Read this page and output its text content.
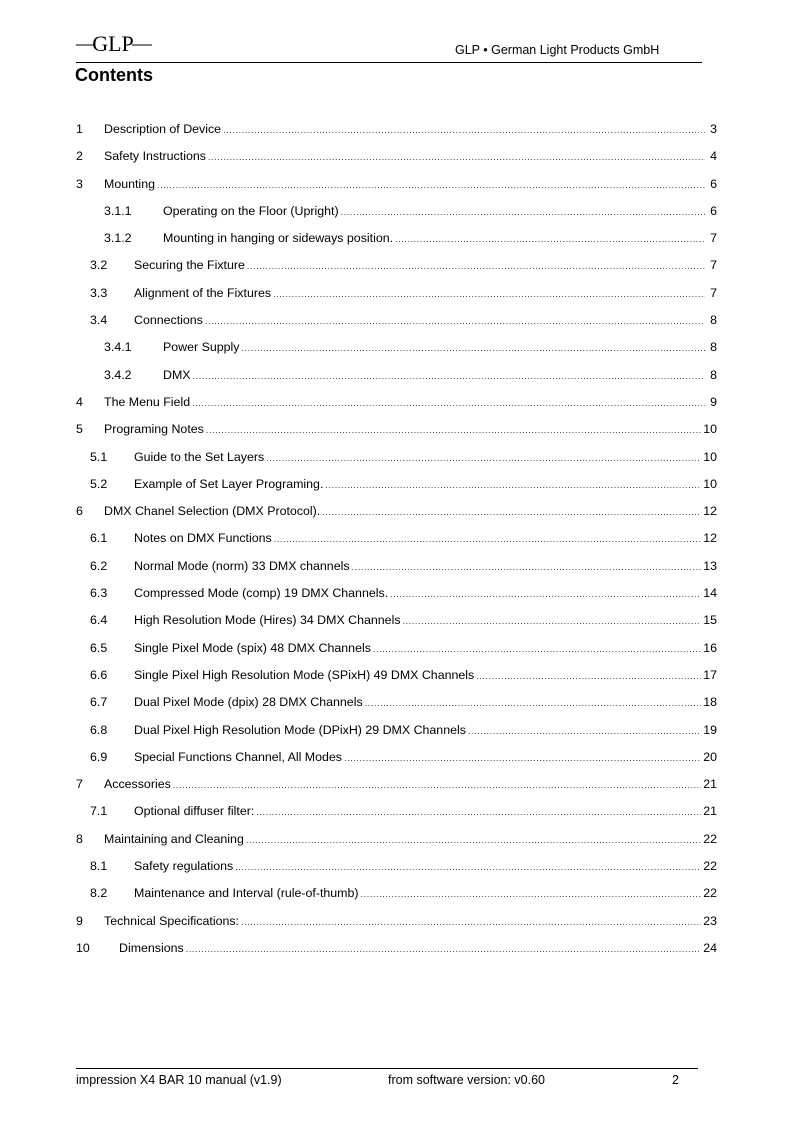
GLP	GLP • German Light Products GmbH
Contents
1 Description of Device .....	3
2 Safety Instructions .....	4
3 Mounting .....	6
3.1.1	Operating on the Floor (Upright) .....	6
3.1.2	Mounting in hanging or sideways position. .....	7
3.2 Securing the Fixture .....	7
3.3 Alignment of the Fixtures .....	7
3.4 Connections .....	8
3.4.1	Power Supply .....	8
3.4.2	DMX .....	8
4 The Menu Field .....	9
5 Programing Notes .....	10
5.1 Guide to the Set Layers .....	10
5.2 Example of Set Layer Programing. .....	10
6 DMX Chanel Selection (DMX Protocol). .....	12
6.1 Notes on DMX Functions .....	12
6.2 Normal Mode (norm) 33 DMX channels .....	13
6.3 Compressed Mode (comp) 19 DMX Channels. .....	14
6.4 High Resolution Mode (Hires) 34 DMX Channels .....	15
6.5 Single Pixel Mode (spix) 48 DMX Channels .....	16
6.6 Single Pixel High Resolution Mode (SPixH) 49 DMX Channels .....	17
6.7 Dual Pixel Mode (dpix) 28 DMX Channels .....	18
6.8 Dual Pixel High Resolution Mode (DPixH) 29 DMX Channels .....	19
6.9 Special Functions Channel, All Modes .....	20
7 Accessories .....	21
7.1 Optional diffuser filter: .....	21
8 Maintaining and Cleaning .....	22
8.1 Safety regulations .....	22
8.2 Maintenance and Interval (rule-of-thumb) .....	22
9 Technical Specifications: .....	23
10 Dimensions .....	24
impression X4 BAR 10 manual (v1.9)	from software version: v0.60	2
